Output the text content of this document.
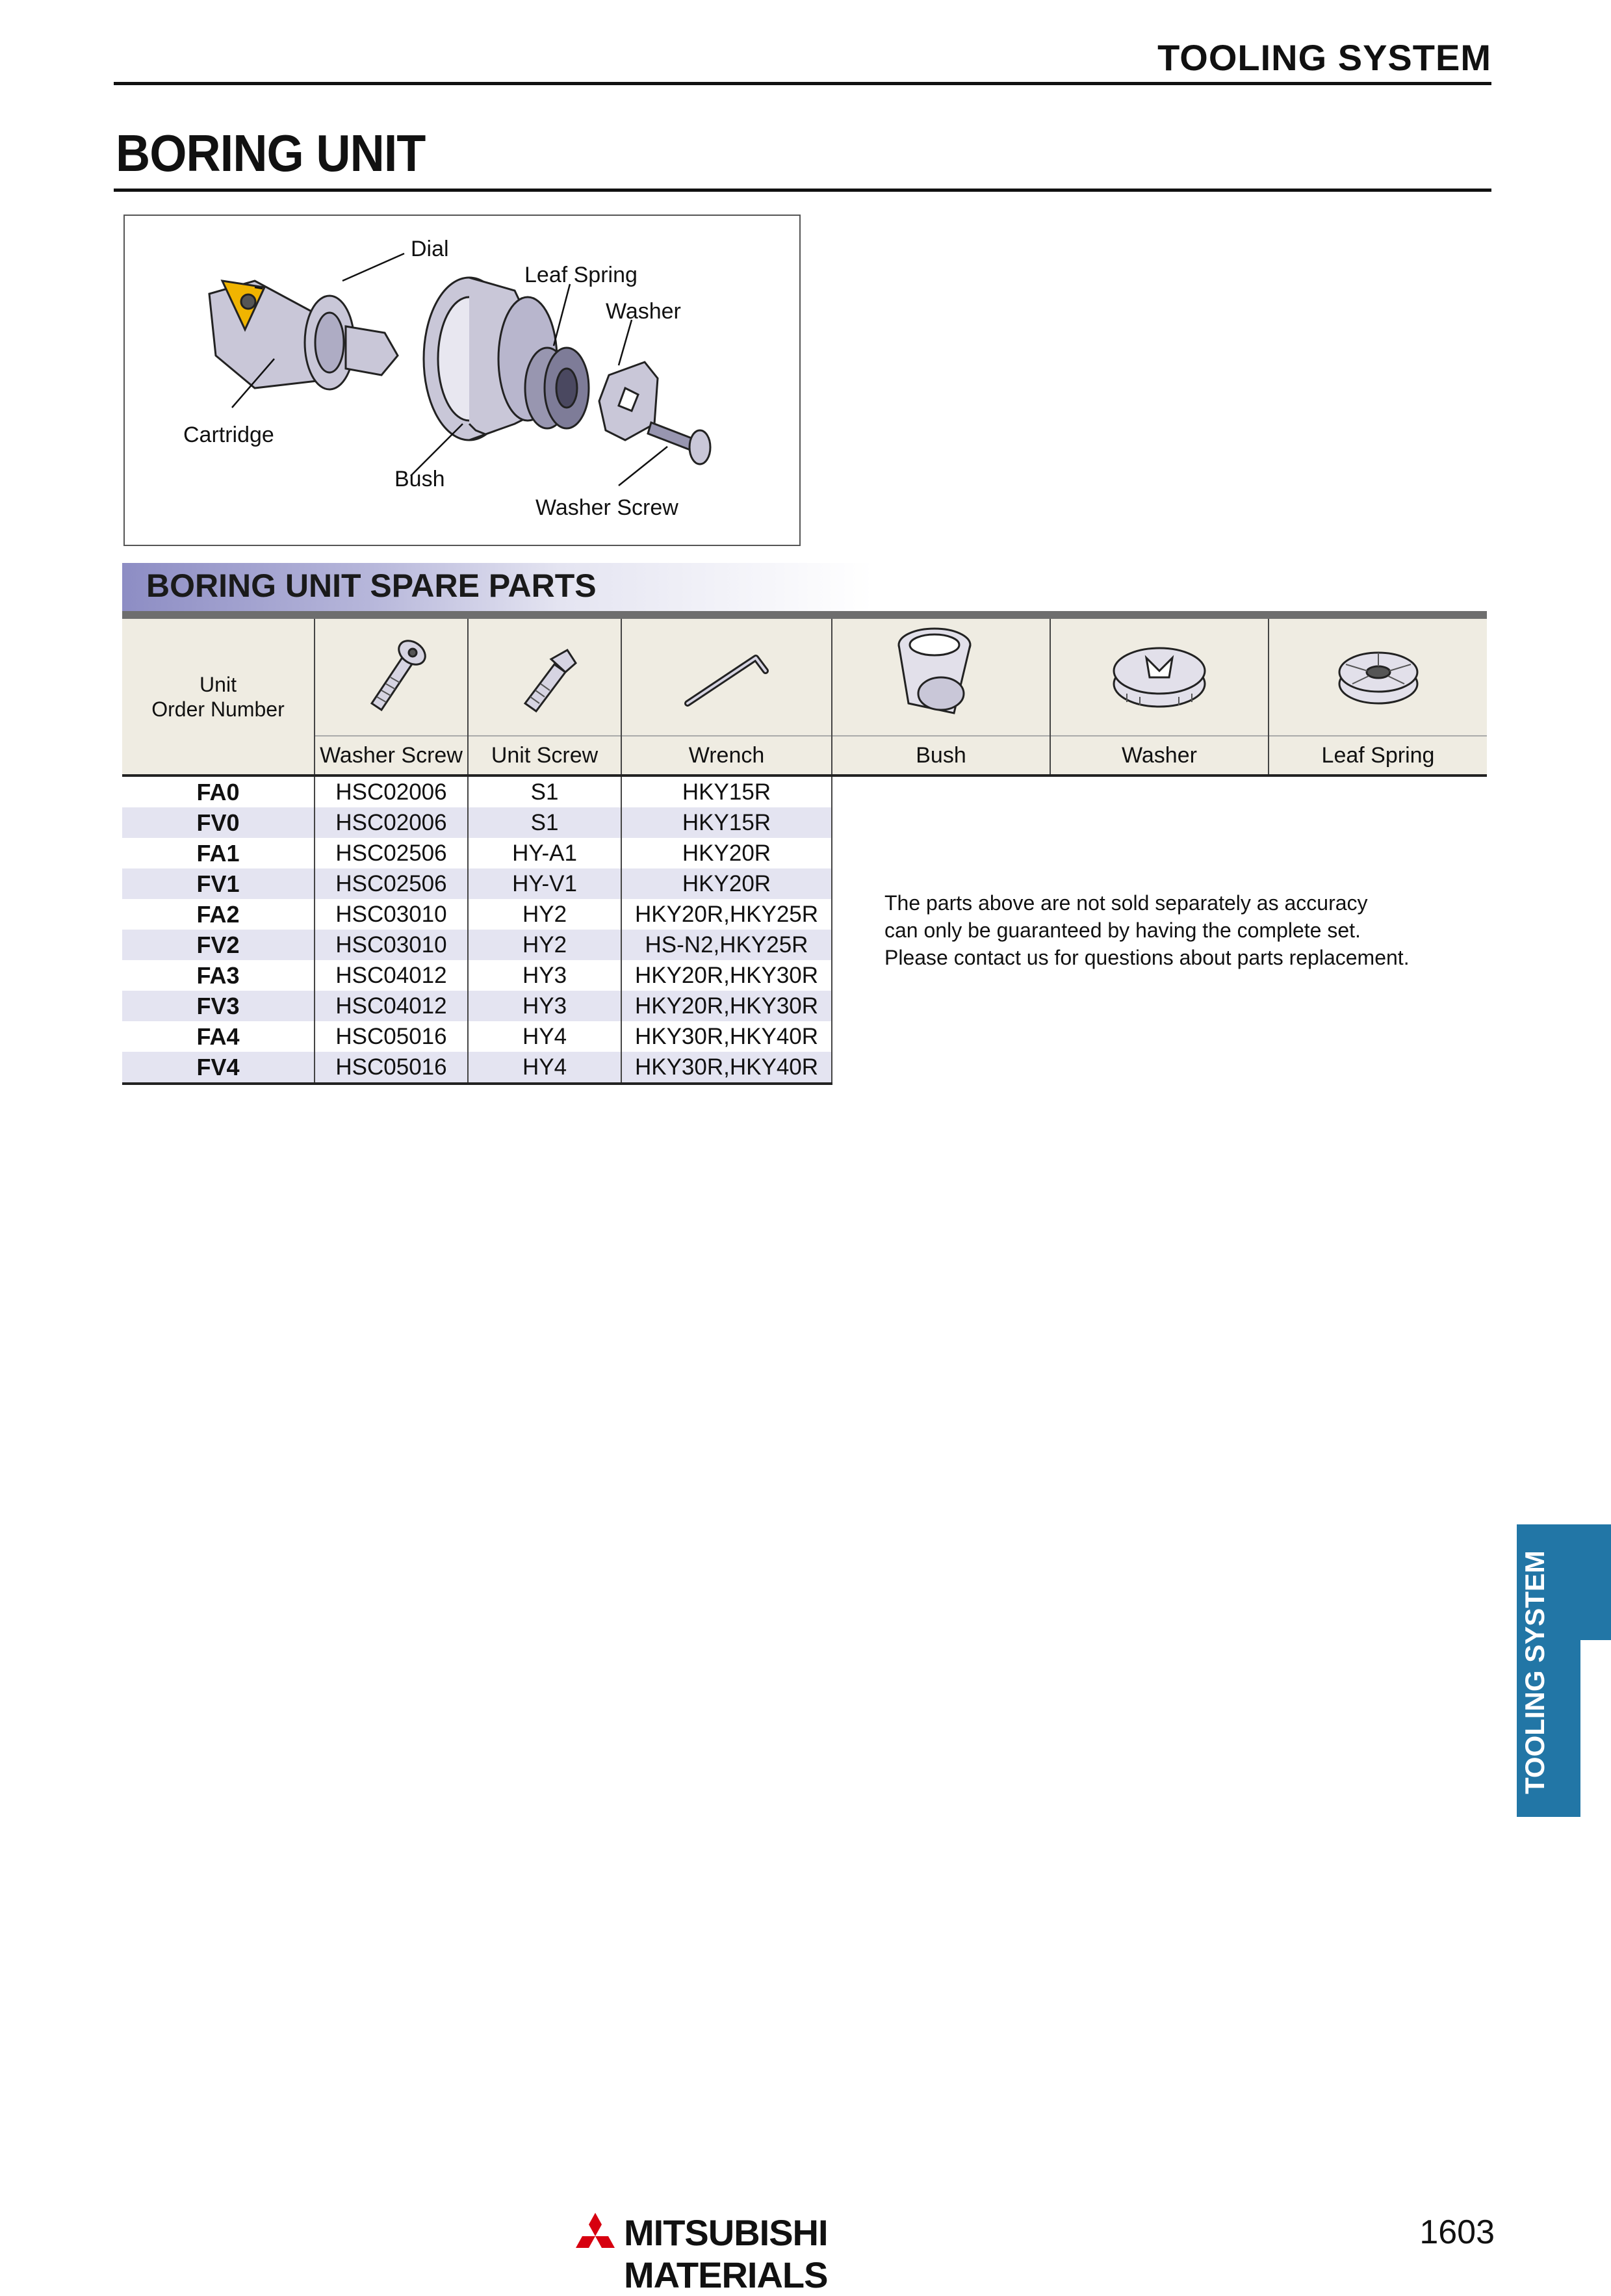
TOOLING SYSTEM
BORING UNIT
Dial
Leaf Spring
Washer
Cartridge
Bush
Washer Screw
BORING UNIT SPARE PARTS
Unit
Order Number

	Washer Screw	Unit Screw	Wrench	Bush	Washer	Leaf Spring
FA0	HSC02006	S1	HKY15R	The parts above are not sold separately as accuracy
can only be guaranteed by having the complete set.
Please contact us for questions about parts replacement.		

FV0	HSC02006	S1	HKY15R			
FA1	HSC02506	HY-A1	HKY20R			
FV1	HSC02506	HY-V1	HKY20R			
FA2	HSC03010	HY2	HKY20R,HKY25R			
FV2	HSC03010	HY2	HS-N2,HKY25R			
FA3	HSC04012	HY3	HKY20R,HKY30R			
FV3	HSC04012	HY3	HKY20R,HKY30R			
FA4	HSC05016	HY4	HKY30R,HKY40R			
FV4	HSC05016	HY4	HKY30R,HKY40R			
TOOLING SYSTEM
MITSUBISHI MATERIALS
1603
